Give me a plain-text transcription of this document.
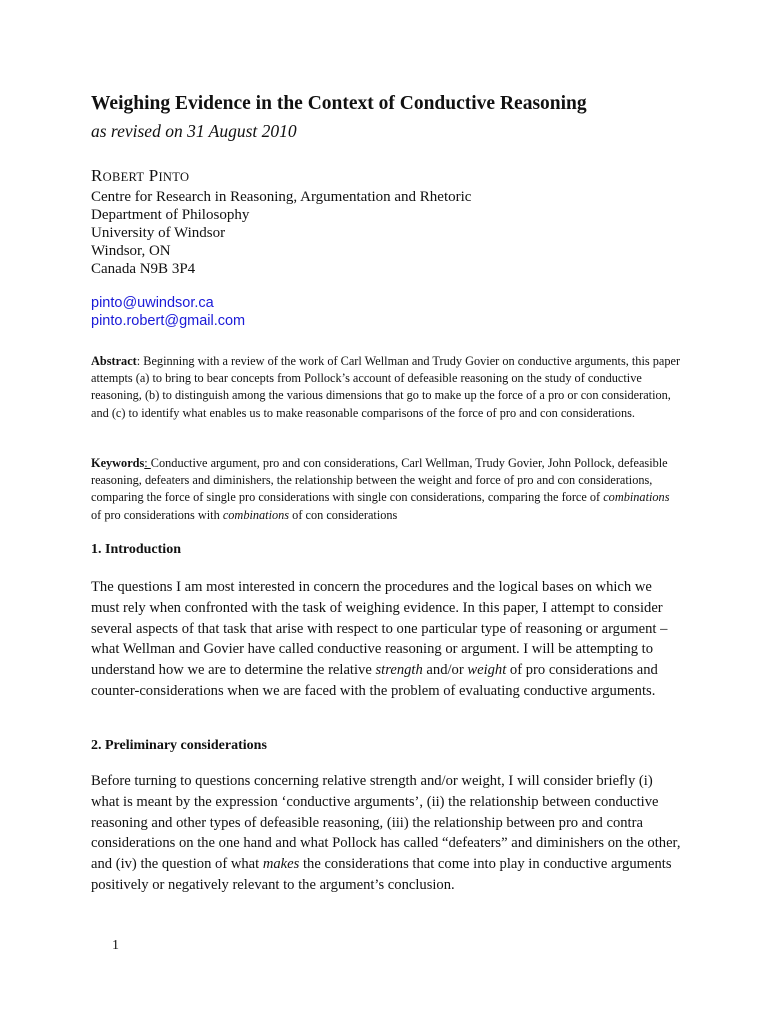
Weighing Evidence in the Context of Conductive Reasoning
as revised on 31 August 2010
ROBERT PINTO
Centre for Research in Reasoning, Argumentation and Rhetoric
Department of Philosophy
University of Windsor
Windsor, ON
Canada N9B 3P4
pinto@uwindsor.ca
pinto.robert@gmail.com
Abstract: Beginning with a review of the work of Carl Wellman and Trudy Govier on conductive arguments, this paper attempts (a) to bring to bear concepts from Pollock’s account of defeasible reasoning on the study of conductive reasoning, (b) to distinguish among the various dimensions that go to make up the force of a pro or con consideration, and (c) to identify what enables us to make reasonable comparisons of the force of pro and con considerations.
Keywords: Conductive argument, pro and con considerations, Carl Wellman, Trudy Govier, John Pollock, defeasible reasoning, defeaters and diminishers, the relationship between the weight and force of pro and con considerations, comparing the force of single pro considerations with single con considerations, comparing the force of combinations of pro considerations with combinations of con considerations
1. Introduction
The questions I am most interested in concern the procedures and the logical bases on which we must rely when confronted with the task of weighing evidence. In this paper, I attempt to consider several aspects of that task that arise with respect to one particular type of reasoning or argument – what Wellman and Govier have called conductive reasoning or argument. I will be attempting to understand how we are to determine the relative strength and/or weight of pro considerations and counter-considerations when we are faced with the problem of evaluating conductive arguments.
2. Preliminary considerations
Before turning to questions concerning relative strength and/or weight, I will consider briefly (i) what is meant by the expression ‘conductive arguments’, (ii) the relationship between conductive reasoning and other types of defeasible reasoning, (iii) the relationship between pro and contra considerations on the one hand and what Pollock has called “defeaters” and diminishers on the other, and (iv) the question of what makes the considerations that come into play in conductive arguments positively or negatively relevant to the argument’s conclusion.
1
